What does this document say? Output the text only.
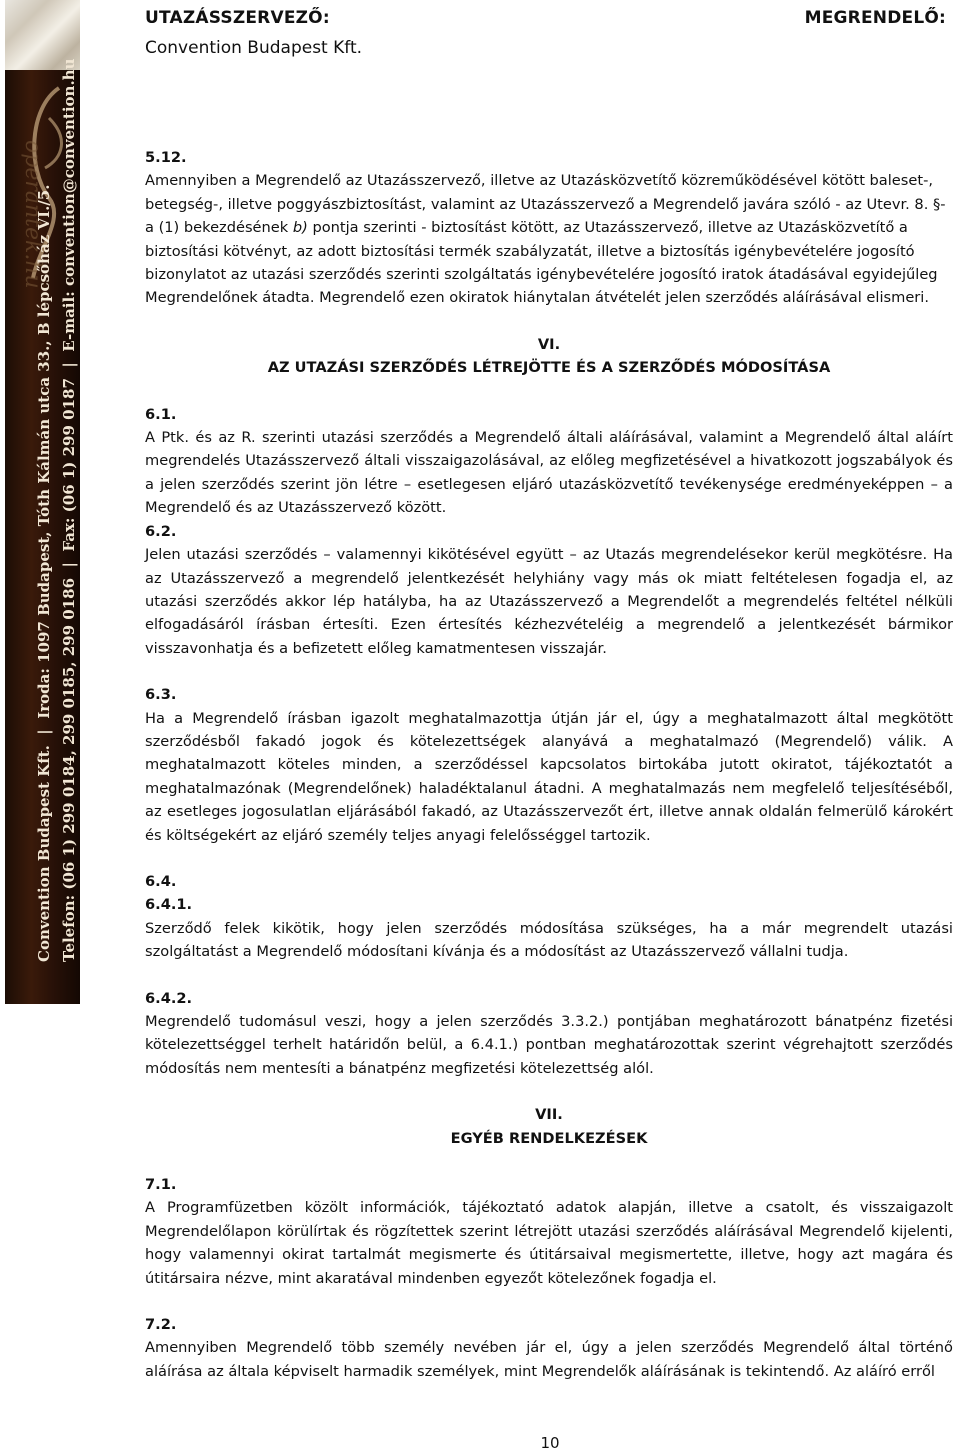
operantek.hu
Convention Budapest Kft.  |  Iroda: 1097 Budapest, Tóth Kálmán utca 33., B lépcsőház VI./5.
Telefon: (06 1) 299 0184, 299 0185, 299 0186  |  Fax: (06 1) 299 0187  |  E-mail: convention@convention.hu
UTAZÁSSZERVEZŐ:
Convention Budapest Kft.
MEGRENDELŐ:
5.12.
Amennyiben a Megrendelő az Utazásszervező, illetve az Utazásközvetítő közreműködésével kötött baleset-, betegség-, illetve poggyászbiztosítást, valamint az Utazásszervező a Megrendelő javára szóló - az Utevr. 8. §-a (1) bekezdésének b) pontja szerinti - biztosítást kötött, az Utazásszervező, illetve az Utazásközvetítő a biztosítási kötvényt, az adott biztosítási termék szabályzatát, illetve a biztosítás igénybevételére jogosító bizonylatot az utazási szerződés szerinti szolgáltatás igénybevételére jogosító iratok átadásával egyidejűleg Megrendelőnek átadta. Megrendelő ezen okiratok hiánytalan átvételét jelen szerződés aláírásával elismeri.
VI.
AZ UTAZÁSI SZERZŐDÉS LÉTREJÖTTE ÉS A SZERZŐDÉS MÓDOSÍTÁSA
6.1.
A Ptk. és az R. szerinti utazási szerződés a Megrendelő általi aláírásával, valamint a Megrendelő által aláírt megrendelés Utazásszervező általi visszaigazolásával, az előleg megfizetésével a hivatkozott jogszabályok és a jelen szerződés szerint jön létre – esetlegesen eljáró utazásközvetítő tevékenysége eredményeképpen – a Megrendelő és az Utazásszervező között.
6.2.
Jelen utazási szerződés – valamennyi kikötésével együtt – az Utazás megrendelésekor kerül megkötésre. Ha az Utazásszervező a megrendelő jelentkezését helyhiány vagy más ok miatt feltételesen fogadja el, az utazási szerződés akkor lép hatályba, ha az Utazásszervező a Megrendelőt a megrendelés feltétel nélküli elfogadásáról írásban értesíti. Ezen értesítés kézhezvételéig a megrendelő a jelentkezését bármikor visszavonhatja és a befizetett előleg kamatmentesen visszajár.
6.3.
Ha a Megrendelő írásban igazolt meghatalmazottja útján jár el, úgy a meghatalmazott által megkötött szerződésből fakadó jogok és kötelezettségek alanyává a meghatalmazó (Megrendelő) válik. A meghatalmazott köteles minden, a szerződéssel kapcsolatos birtokába jutott okiratot, tájékoztatót a meghatalmazónak (Megrendelőnek) haladéktalanul átadni. A meghatalmazás nem megfelelő teljesítéséből, az esetleges jogosulatlan eljárásából fakadó, az Utazásszervezőt ért, illetve annak oldalán felmerülő károkért és költségekért az eljáró személy teljes anyagi felelősséggel tartozik.
6.4.
6.4.1.
Szerződő felek kikötik, hogy jelen szerződés módosítása szükséges, ha a már megrendelt utazási szolgáltatást a Megrendelő módosítani kívánja és a módosítást az Utazásszervező vállalni tudja.
6.4.2.
Megrendelő tudomásul veszi, hogy a jelen szerződés 3.3.2.) pontjában meghatározott bánatpénz fizetési kötelezettséggel terhelt határidőn belül, a 6.4.1.) pontban meghatározottak szerint végrehajtott szerződés módosítás nem mentesíti a bánatpénz megfizetési kötelezettség alól.
VII.
EGYÉB RENDELKEZÉSEK
7.1.
A Programfüzetben közölt információk, tájékoztató adatok alapján, illetve a csatolt, és visszaigazolt Megrendelőlapon körülírtak és rögzítettek szerint létrejött utazási szerződés aláírásával Megrendelő kijelenti, hogy valamennyi okirat tartalmát megismerte és útitársaival megismertette, illetve, hogy azt magára és útitársaira nézve, mint akaratával mindenben egyezőt kötelezőnek fogadja el.
7.2.
Amennyiben Megrendelő több személy nevében jár el, úgy a jelen szerződés Megrendelő által történő aláírása az általa képviselt harmadik személyek, mint Megrendelők aláírásának is tekintendő. Az aláíró erről
10
